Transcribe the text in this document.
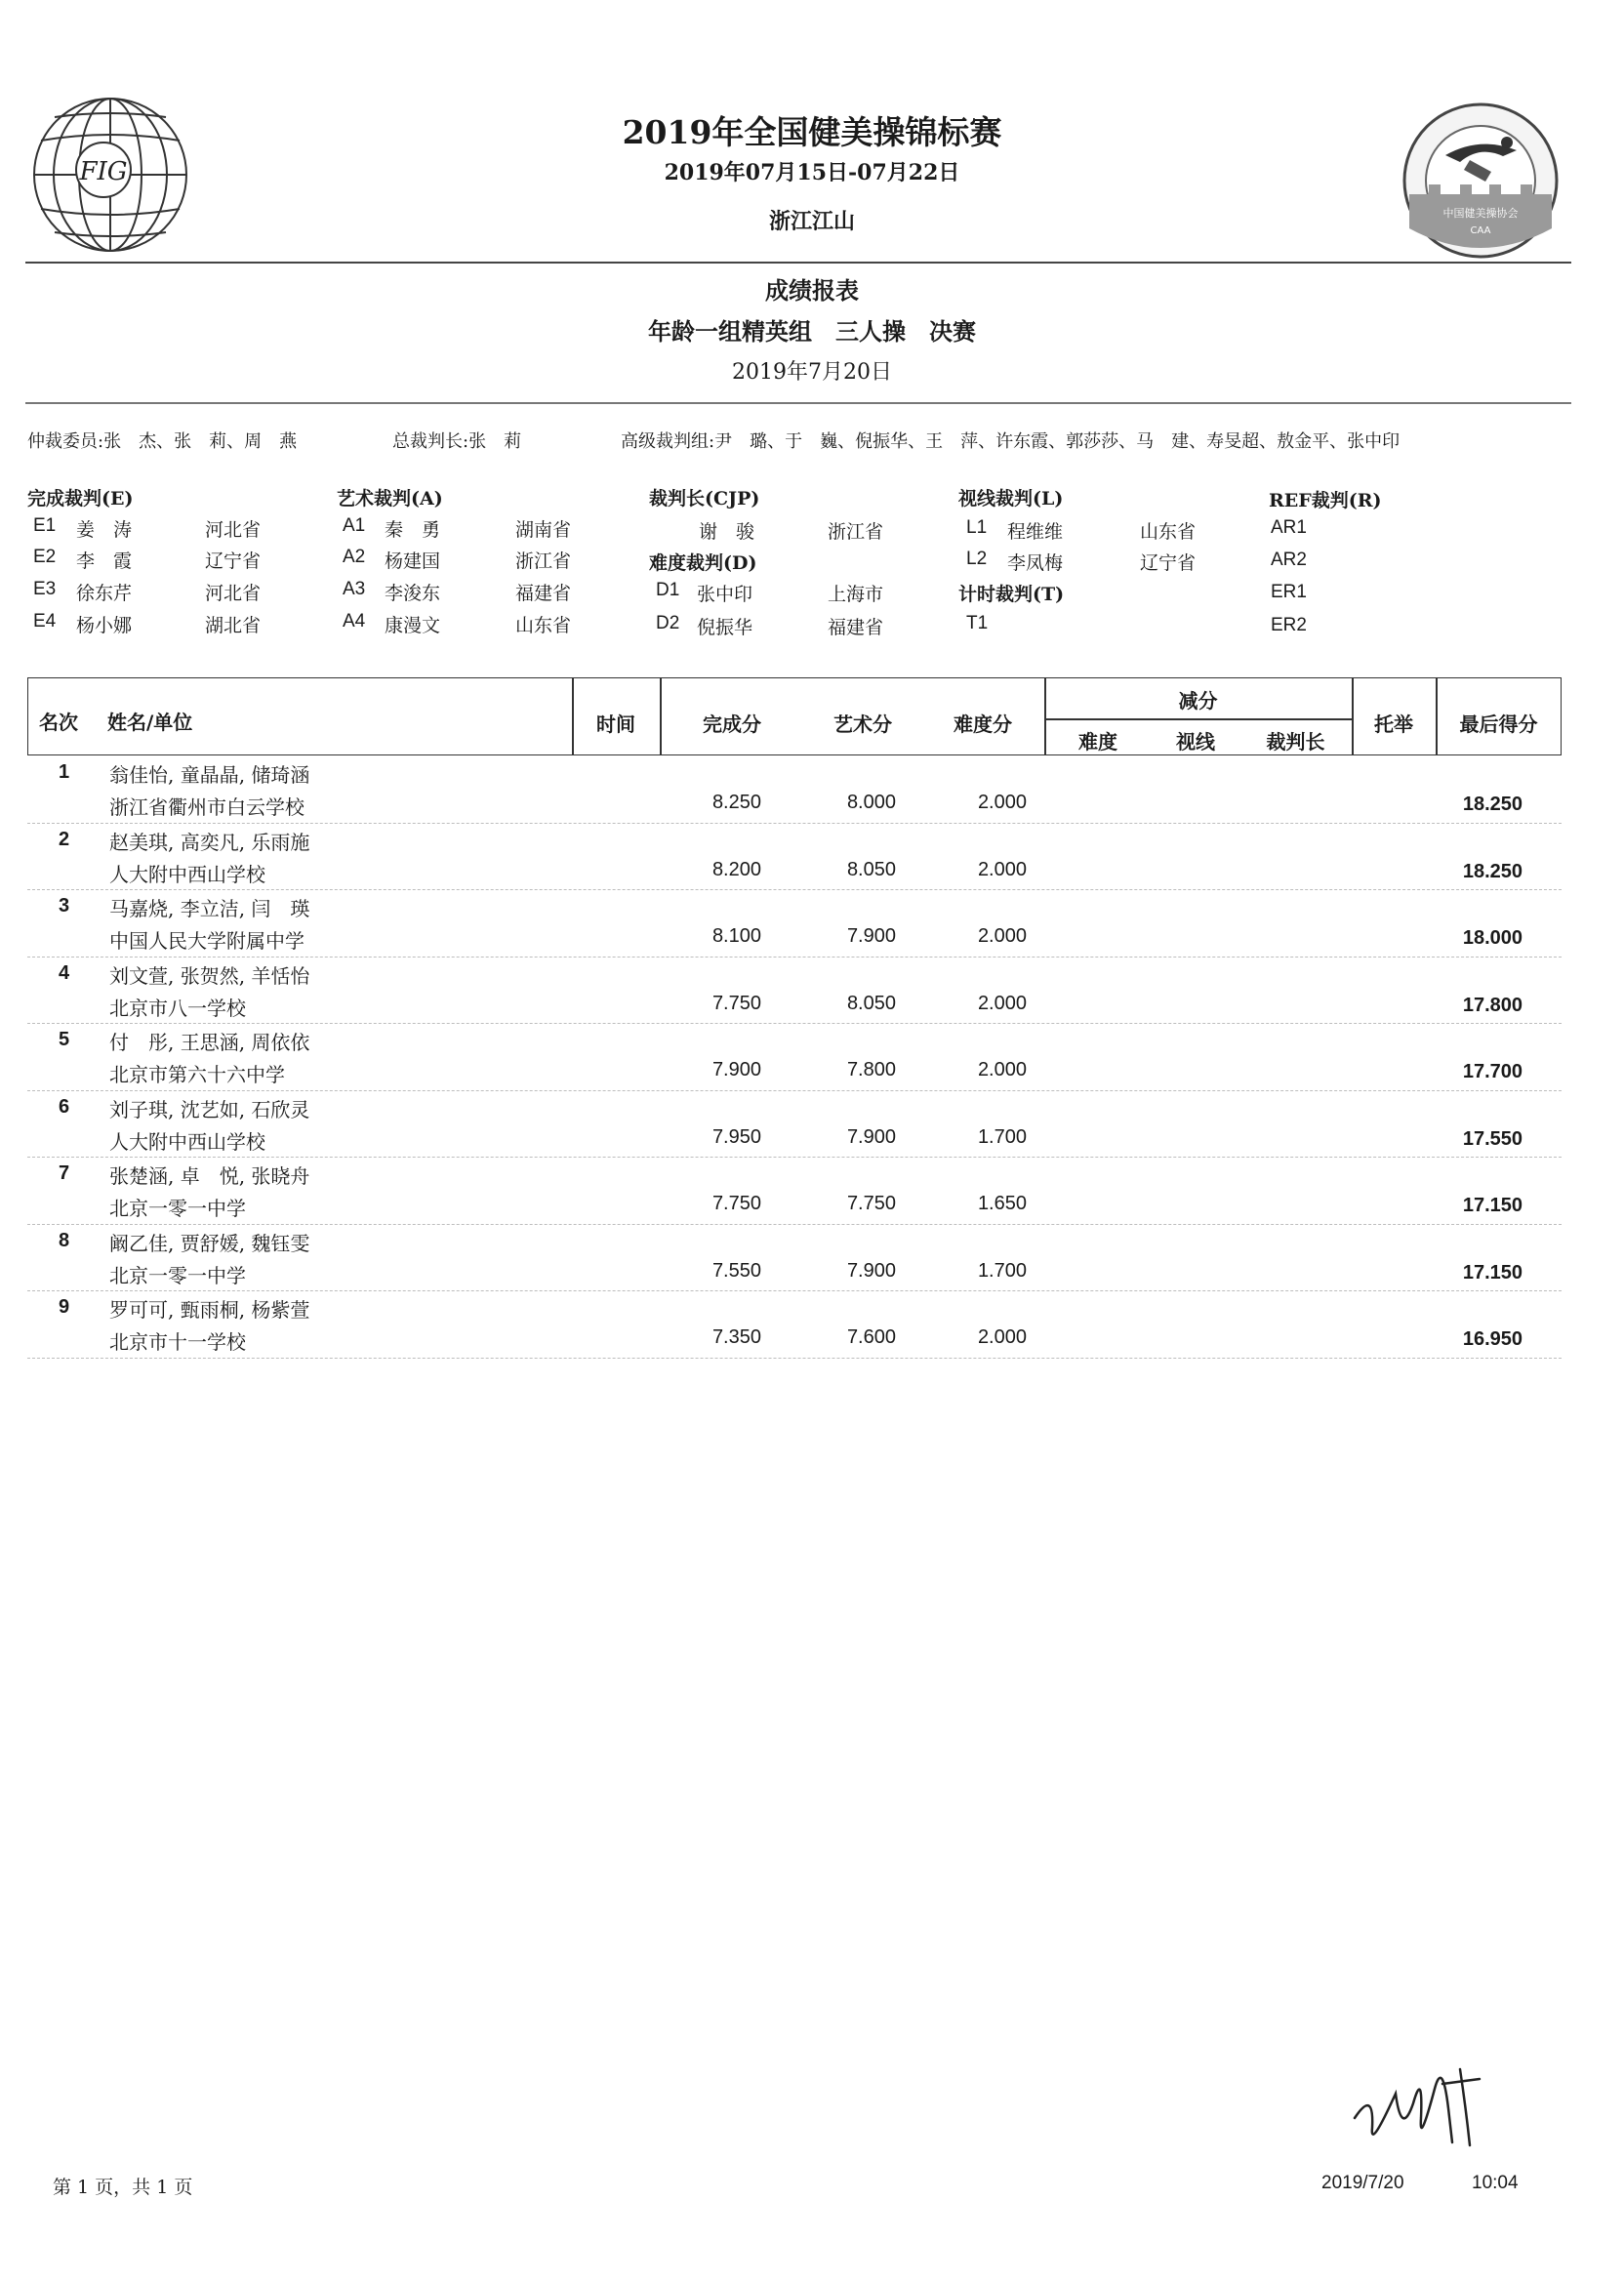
FIG
2019年全国健美操锦标赛
2019年07月15日-07月22日
浙江江山	中国健美操协会
CAA
成绩报表
年龄一组精英组　三人操　决赛
2019年7月20日
仲裁委员:张　杰、张　莉、周　燕	总裁判长:张　莉	高级裁判组:尹　璐、于　巍、倪振华、王　萍、许东霞、郭莎莎、马　建、寿旻超、敖金平、张中印
完成裁判(E)	艺术裁判(A)	裁判长(CJP)	视线裁判(L)	REF裁判(R)
E1 姜　涛	河北省
E2 李　霞	辽宁省
E3 徐东芹	河北省
E4 杨小娜	湖北省
A1 秦　勇	湖南省
A2 杨建国	浙江省
A3 李浚东	福建省
A4 康漫文	山东省
谢　骏	浙江省
难度裁判(D)
D1 张中印	上海市
D2 倪振华	福建省
L1 程维维	山东省
L2 李凤梅	辽宁省
计时裁判(T)
T1
AR1
AR2
ER1
ER2
名次 姓名/单位	时间	完成分	艺术分	难度分
减分
难度	视线	裁判长
托举	最后得分
1 翁佳怡, 童晶晶, 储琦涵
浙江省衢州市白云学校	8.250	8.000	2.000	18.250
2 赵美琪, 高奕凡, 乐雨施
人大附中西山学校	8.200	8.050	2.000	18.250
3 马嘉烧, 李立洁, 闫　瑛
中国人民大学附属中学	8.100	7.900	2.000	18.000
4 刘文萱, 张贺然, 羊恬怡
北京市八一学校	7.750	8.050	2.000	17.800
5 付　彤, 王思涵, 周依依
北京市第六十六中学	7.900	7.800	2.000	17.700
6 刘子琪, 沈艺如, 石欣灵
人大附中西山学校	7.950	7.900	1.700	17.550
7 张楚涵, 卓　悦, 张晓舟
北京一零一中学	7.750	7.750	1.650	17.150
8 阚乙佳, 贾舒媛, 魏钰雯
北京一零一中学	7.550	7.900	1.700	17.150
9 罗可可, 甄雨桐, 杨紫萱
北京市十一学校	7.350	7.600	2.000	16.950
第 1 页，共 1 页	2019/7/20	10:04
